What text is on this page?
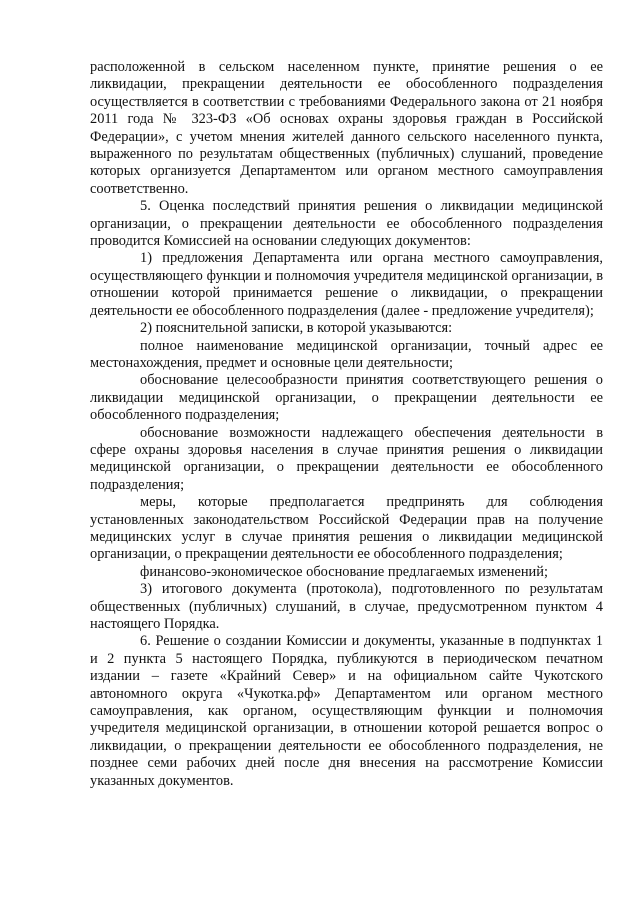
расположенной в сельском населенном пункте, принятие решения о ее ликвидации, прекращении деятельности ее обособленного подразделения осуществляется в соответствии с требованиями Федерального закона от 21 ноября 2011 года № 323-ФЗ «Об основах охраны здоровья граждан в Российской Федерации», с учетом мнения жителей данного сельского населенного пункта, выраженного по результатам общественных (публичных) слушаний, проведение которых организуется Департаментом или органом местного самоуправления соответственно.

5. Оценка последствий принятия решения о ликвидации медицинской организации, о прекращении деятельности ее обособленного подразделения проводится Комиссией на основании следующих документов:

1) предложения Департамента или органа местного самоуправления, осуществляющего функции и полномочия учредителя медицинской организации, в отношении которой принимается решение о ликвидации, о прекращении деятельности ее обособленного подразделения (далее - предложение учредителя);

2) пояснительной записки, в которой указываются:

полное наименование медицинской организации, точный адрес ее местонахождения, предмет и основные цели деятельности;

обоснование целесообразности принятия соответствующего решения о ликвидации медицинской организации, о прекращении деятельности ее обособленного подразделения;

обоснование возможности надлежащего обеспечения деятельности в сфере охраны здоровья населения в случае принятия решения о ликвидации медицинской организации, о прекращении деятельности ее обособленного подразделения;

меры, которые предполагается предпринять для соблюдения установленных законодательством Российской Федерации прав на получение медицинских услуг в случае принятия решения о ликвидации медицинской организации, о прекращении деятельности ее обособленного подразделения;

финансово-экономическое обоснование предлагаемых изменений;

3) итогового документа (протокола), подготовленного по результатам общественных (публичных) слушаний, в случае, предусмотренном пунктом 4 настоящего Порядка.

6. Решение о создании Комиссии и документы, указанные в подпунктах 1 и 2 пункта 5 настоящего Порядка, публикуются в периодическом печатном издании – газете «Крайний Север» и на официальном сайте Чукотского автономного округа «Чукотка.рф» Департаментом или органом местного самоуправления, как органом, осуществляющим функции и полномочия учредителя медицинской организации, в отношении которой решается вопрос о ликвидации, о прекращении деятельности ее обособленного подразделения, не позднее семи рабочих дней после дня внесения на рассмотрение Комиссии указанных документов.
